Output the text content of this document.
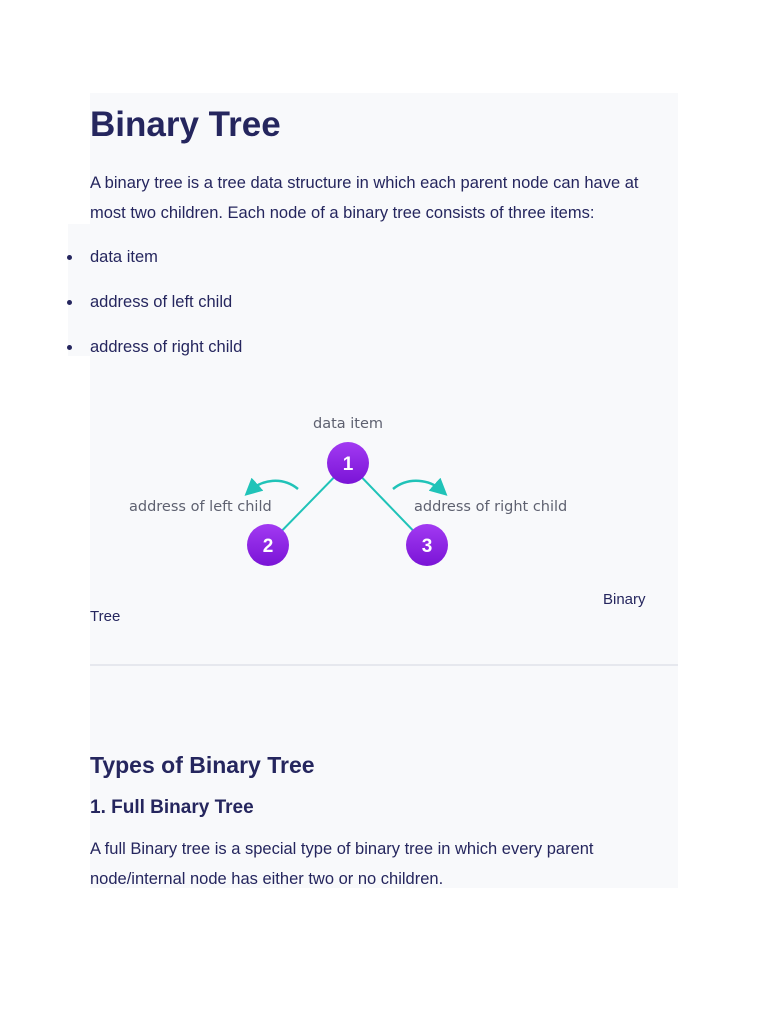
Binary Tree

A binary tree is a tree data structure in which each parent node can have at most two children. Each node of a binary tree consists of three items:

data item
address of left child
address of right child
1
2	3
data item
address of left child	address of right child
Binary
Tree
Types of Binary Tree
1. Full Binary Tree

A full Binary tree is a special type of binary tree in which every parent node/internal node has either two or no children.
